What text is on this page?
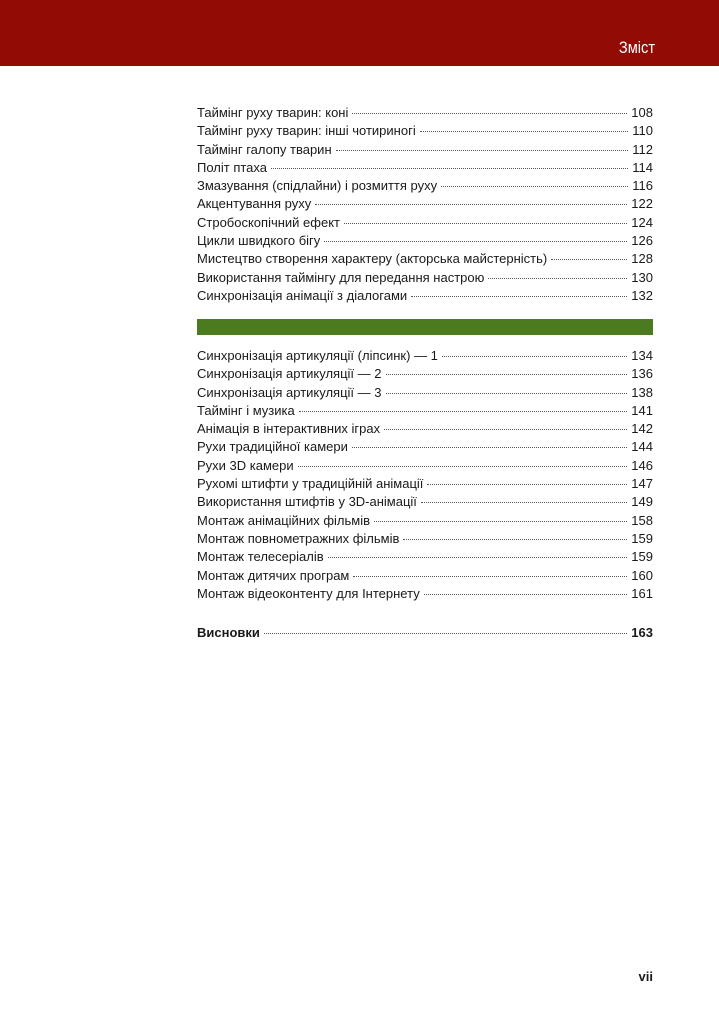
Зміст
Таймінг руху тварин: коні	108
Таймінг руху тварин: інші чотириногі	110
Таймінг галопу тварин	112
Політ птаха	114
Змазування (спідлайни) і розмиття руху	116
Акцентування руху	122
Стробоскопічний ефект	124
Цикли швидкого бігу	126
Мистецтво створення характеру (акторська майстерність)	128
Використання таймінгу для передання настрою	130
Синхронізація анімації з діалогами	132
Синхронізація артикуляції (ліпсинк) — 1	134
Синхронізація артикуляції — 2	136
Синхронізація артикуляції — 3	138
Таймінг і музика	141
Анімація в інтерактивних іграх	142
Рухи традиційної камери	144
Рухи 3D камери	146
Рухомі штифти у традиційній анімації	147
Використання штифтів у 3D-анімації	149
Монтаж анімаційних фільмів	158
Монтаж повнометражних фільмів	159
Монтаж телесеріалів	159
Монтаж дитячих програм	160
Монтаж відеоконтенту для Інтернету	161
Висновки	163
vii
